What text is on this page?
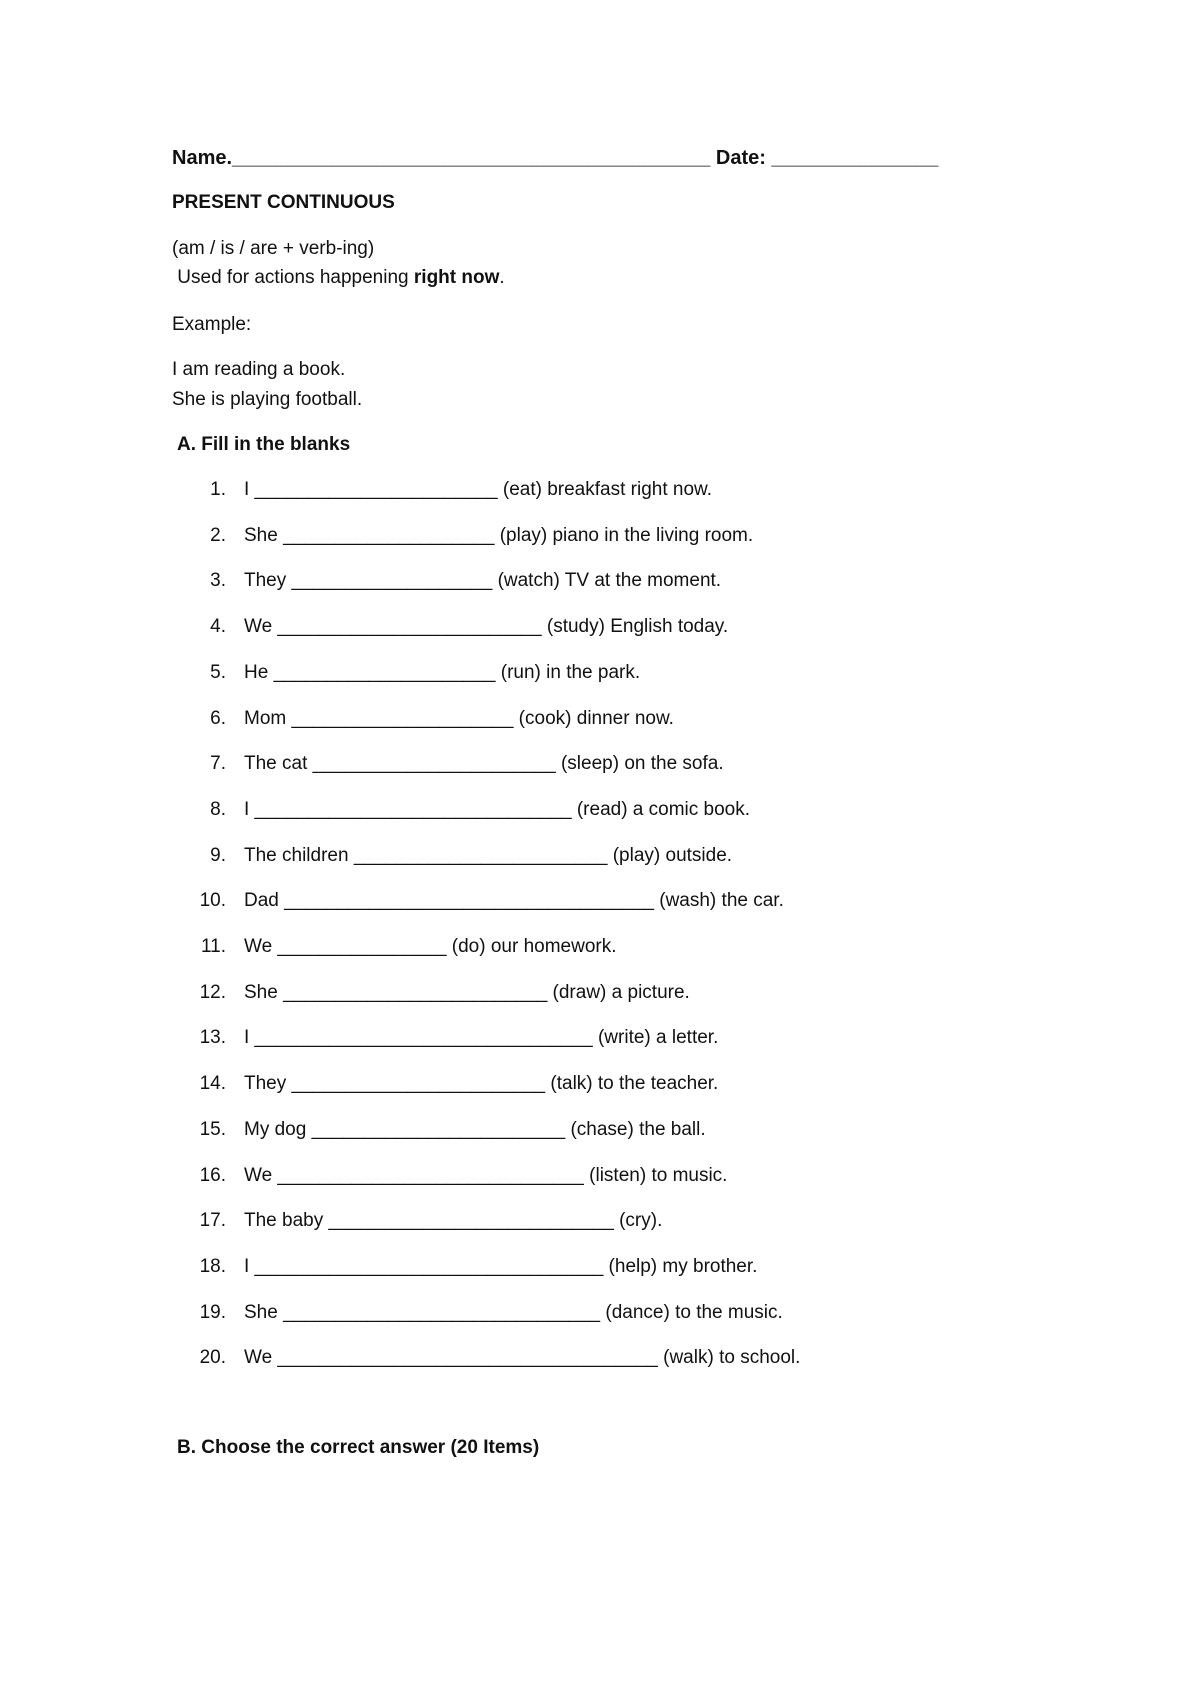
Name.___________________________________________ Date: _______________
PRESENT CONTINUOUS
(am / is / are + verb-ing)
Used for actions happening right now.
Example:
I am reading a book.
She is playing football.
A. Fill in the blanks
1. I _______________________ (eat) breakfast right now.
2. She ____________________ (play) piano in the living room.
3. They ___________________ (watch) TV at the moment.
4. We _________________________ (study) English today.
5. He _____________________ (run) in the park.
6. Mom _____________________ (cook) dinner now.
7. The cat _______________________ (sleep) on the sofa.
8. I ______________________________ (read) a comic book.
9. The children ________________________ (play) outside.
10. Dad ___________________________________ (wash) the car.
11. We ________________ (do) our homework.
12. She _________________________ (draw) a picture.
13. I ________________________________ (write) a letter.
14. They ________________________ (talk) to the teacher.
15. My dog ________________________ (chase) the ball.
16. We _____________________________ (listen) to music.
17. The baby ___________________________ (cry).
18. I _________________________________ (help) my brother.
19. She ______________________________ (dance) to the music.
20. We ____________________________________ (walk) to school.
B. Choose the correct answer (20 Items)
